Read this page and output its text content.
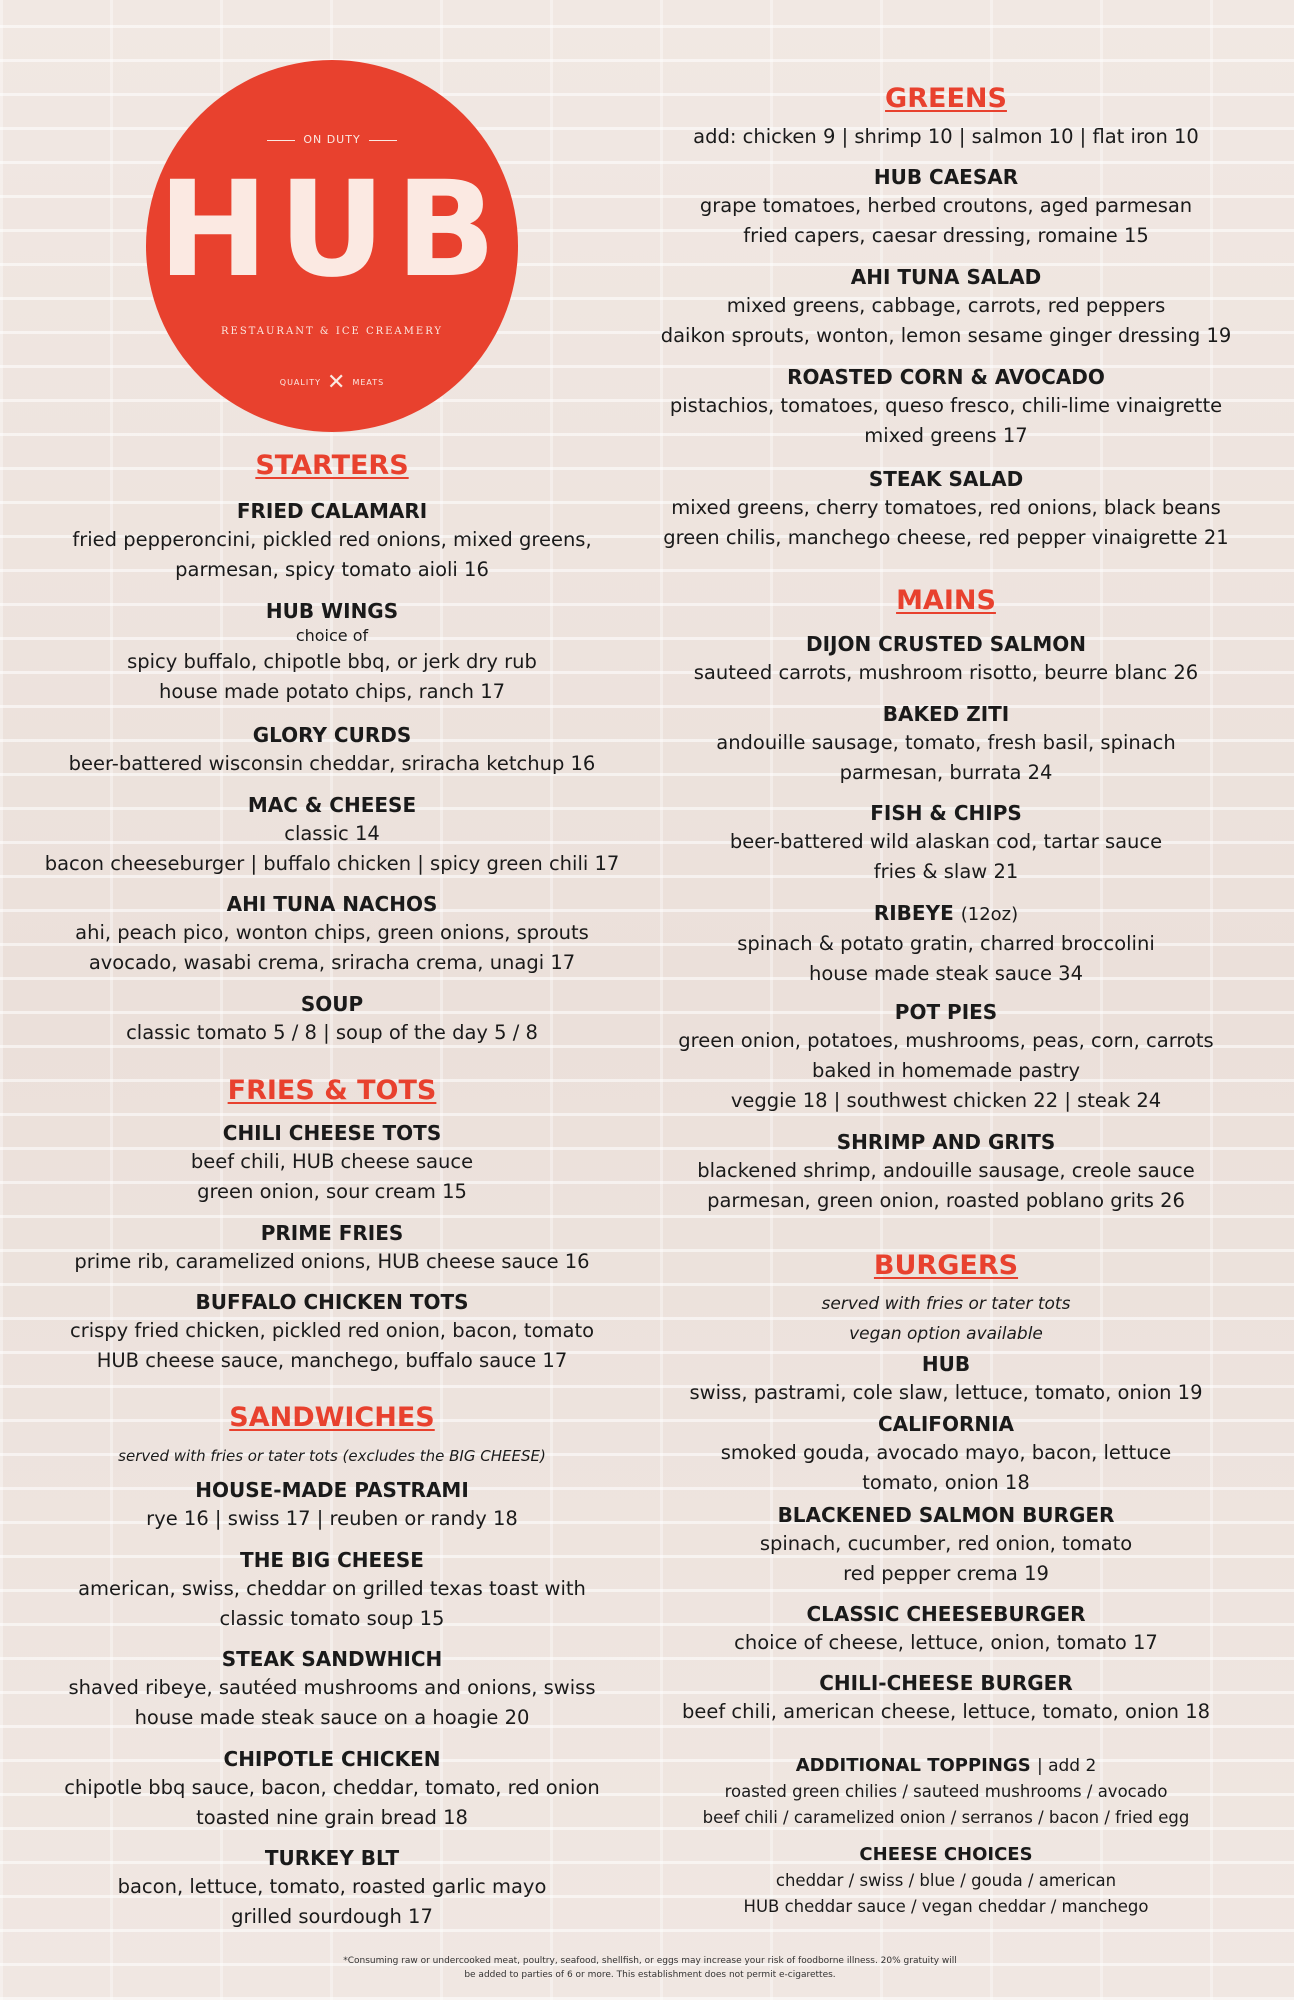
ON DUTY
HUB
RESTAURANT & ICE CREAMERY
QUALITY ✕ MEATS
STARTERS
FRIED CALAMARI
fried pepperoncini, pickled red onions, mixed greens,
parmesan, spicy tomato aioli 16
HUB WINGS
choice of
spicy buffalo, chipotle bbq, or jerk dry rub
house made potato chips, ranch 17
GLORY CURDS
beer-battered wisconsin cheddar, sriracha ketchup 16
MAC & CHEESE
classic 14
bacon cheeseburger | buffalo chicken | spicy green chili 17
AHI TUNA NACHOS
ahi, peach pico, wonton chips, green onions, sprouts
avocado, wasabi crema, sriracha crema, unagi 17
SOUP
classic tomato 5 / 8 | soup of the day 5 / 8
FRIES & TOTS
CHILI CHEESE TOTS
beef chili, HUB cheese sauce
green onion, sour cream 15
PRIME FRIES
prime rib, caramelized onions, HUB cheese sauce 16
BUFFALO CHICKEN TOTS
crispy fried chicken, pickled red onion, bacon, tomato
HUB cheese sauce, manchego, buffalo sauce 17
SANDWICHES
served with fries or tater tots (excludes the BIG CHEESE)
HOUSE-MADE PASTRAMI
rye 16 | swiss 17 | reuben or randy 18
THE BIG CHEESE
american, swiss, cheddar on grilled texas toast with
classic tomato soup 15
STEAK SANDWHICH
shaved ribeye, sautéed mushrooms and onions, swiss
house made steak sauce on a hoagie 20
CHIPOTLE CHICKEN
chipotle bbq sauce, bacon, cheddar, tomato, red onion
toasted nine grain bread 18
TURKEY BLT
bacon, lettuce, tomato, roasted garlic mayo
grilled sourdough 17
GREENS
add: chicken 9 | shrimp 10 | salmon 10 | flat iron 10
HUB CAESAR
grape tomatoes, herbed croutons, aged parmesan
fried capers, caesar dressing, romaine 15
AHI TUNA SALAD
mixed greens, cabbage, carrots, red peppers
daikon sprouts, wonton, lemon sesame ginger dressing 19
ROASTED CORN & AVOCADO
pistachios, tomatoes, queso fresco, chili-lime vinaigrette
mixed greens 17
STEAK SALAD
mixed greens, cherry tomatoes, red onions, black beans
green chilis, manchego cheese, red pepper vinaigrette 21
MAINS
DIJON CRUSTED SALMON
sauteed carrots, mushroom risotto, beurre blanc 26
BAKED ZITI
andouille sausage, tomato, fresh basil, spinach
parmesan, burrata 24
FISH & CHIPS
beer-battered wild alaskan cod, tartar sauce
fries & slaw 21
RIBEYE (12oz)
spinach & potato gratin, charred broccolini
house made steak sauce 34
POT PIES
green onion, potatoes, mushrooms, peas, corn, carrots
baked in homemade pastry
veggie 18 | southwest chicken 22 | steak 24
SHRIMP AND GRITS
blackened shrimp, andouille sausage, creole sauce
parmesan, green onion, roasted poblano grits 26
BURGERS
served with fries or tater tots
vegan option available
HUB
swiss, pastrami, cole slaw, lettuce, tomato, onion 19
CALIFORNIA
smoked gouda, avocado mayo, bacon, lettuce
tomato, onion 18
BLACKENED SALMON BURGER
spinach, cucumber, red onion, tomato
red pepper crema 19
CLASSIC CHEESEBURGER
choice of cheese, lettuce, onion, tomato 17
CHILI-CHEESE BURGER
beef chili, american cheese, lettuce, tomato, onion 18
ADDITIONAL TOPPINGS | add 2
roasted green chilies / sauteed mushrooms / avocado
beef chili / caramelized onion / serranos / bacon / fried egg
CHEESE CHOICES
cheddar / swiss / blue / gouda / american
HUB cheddar sauce / vegan cheddar / manchego
*Consuming raw or undercooked meat, poultry, seafood, shellfish, or eggs may increase your risk of foodborne illness. 20% gratuity will
be added to parties of 6 or more. This establishment does not permit e-cigarettes.
